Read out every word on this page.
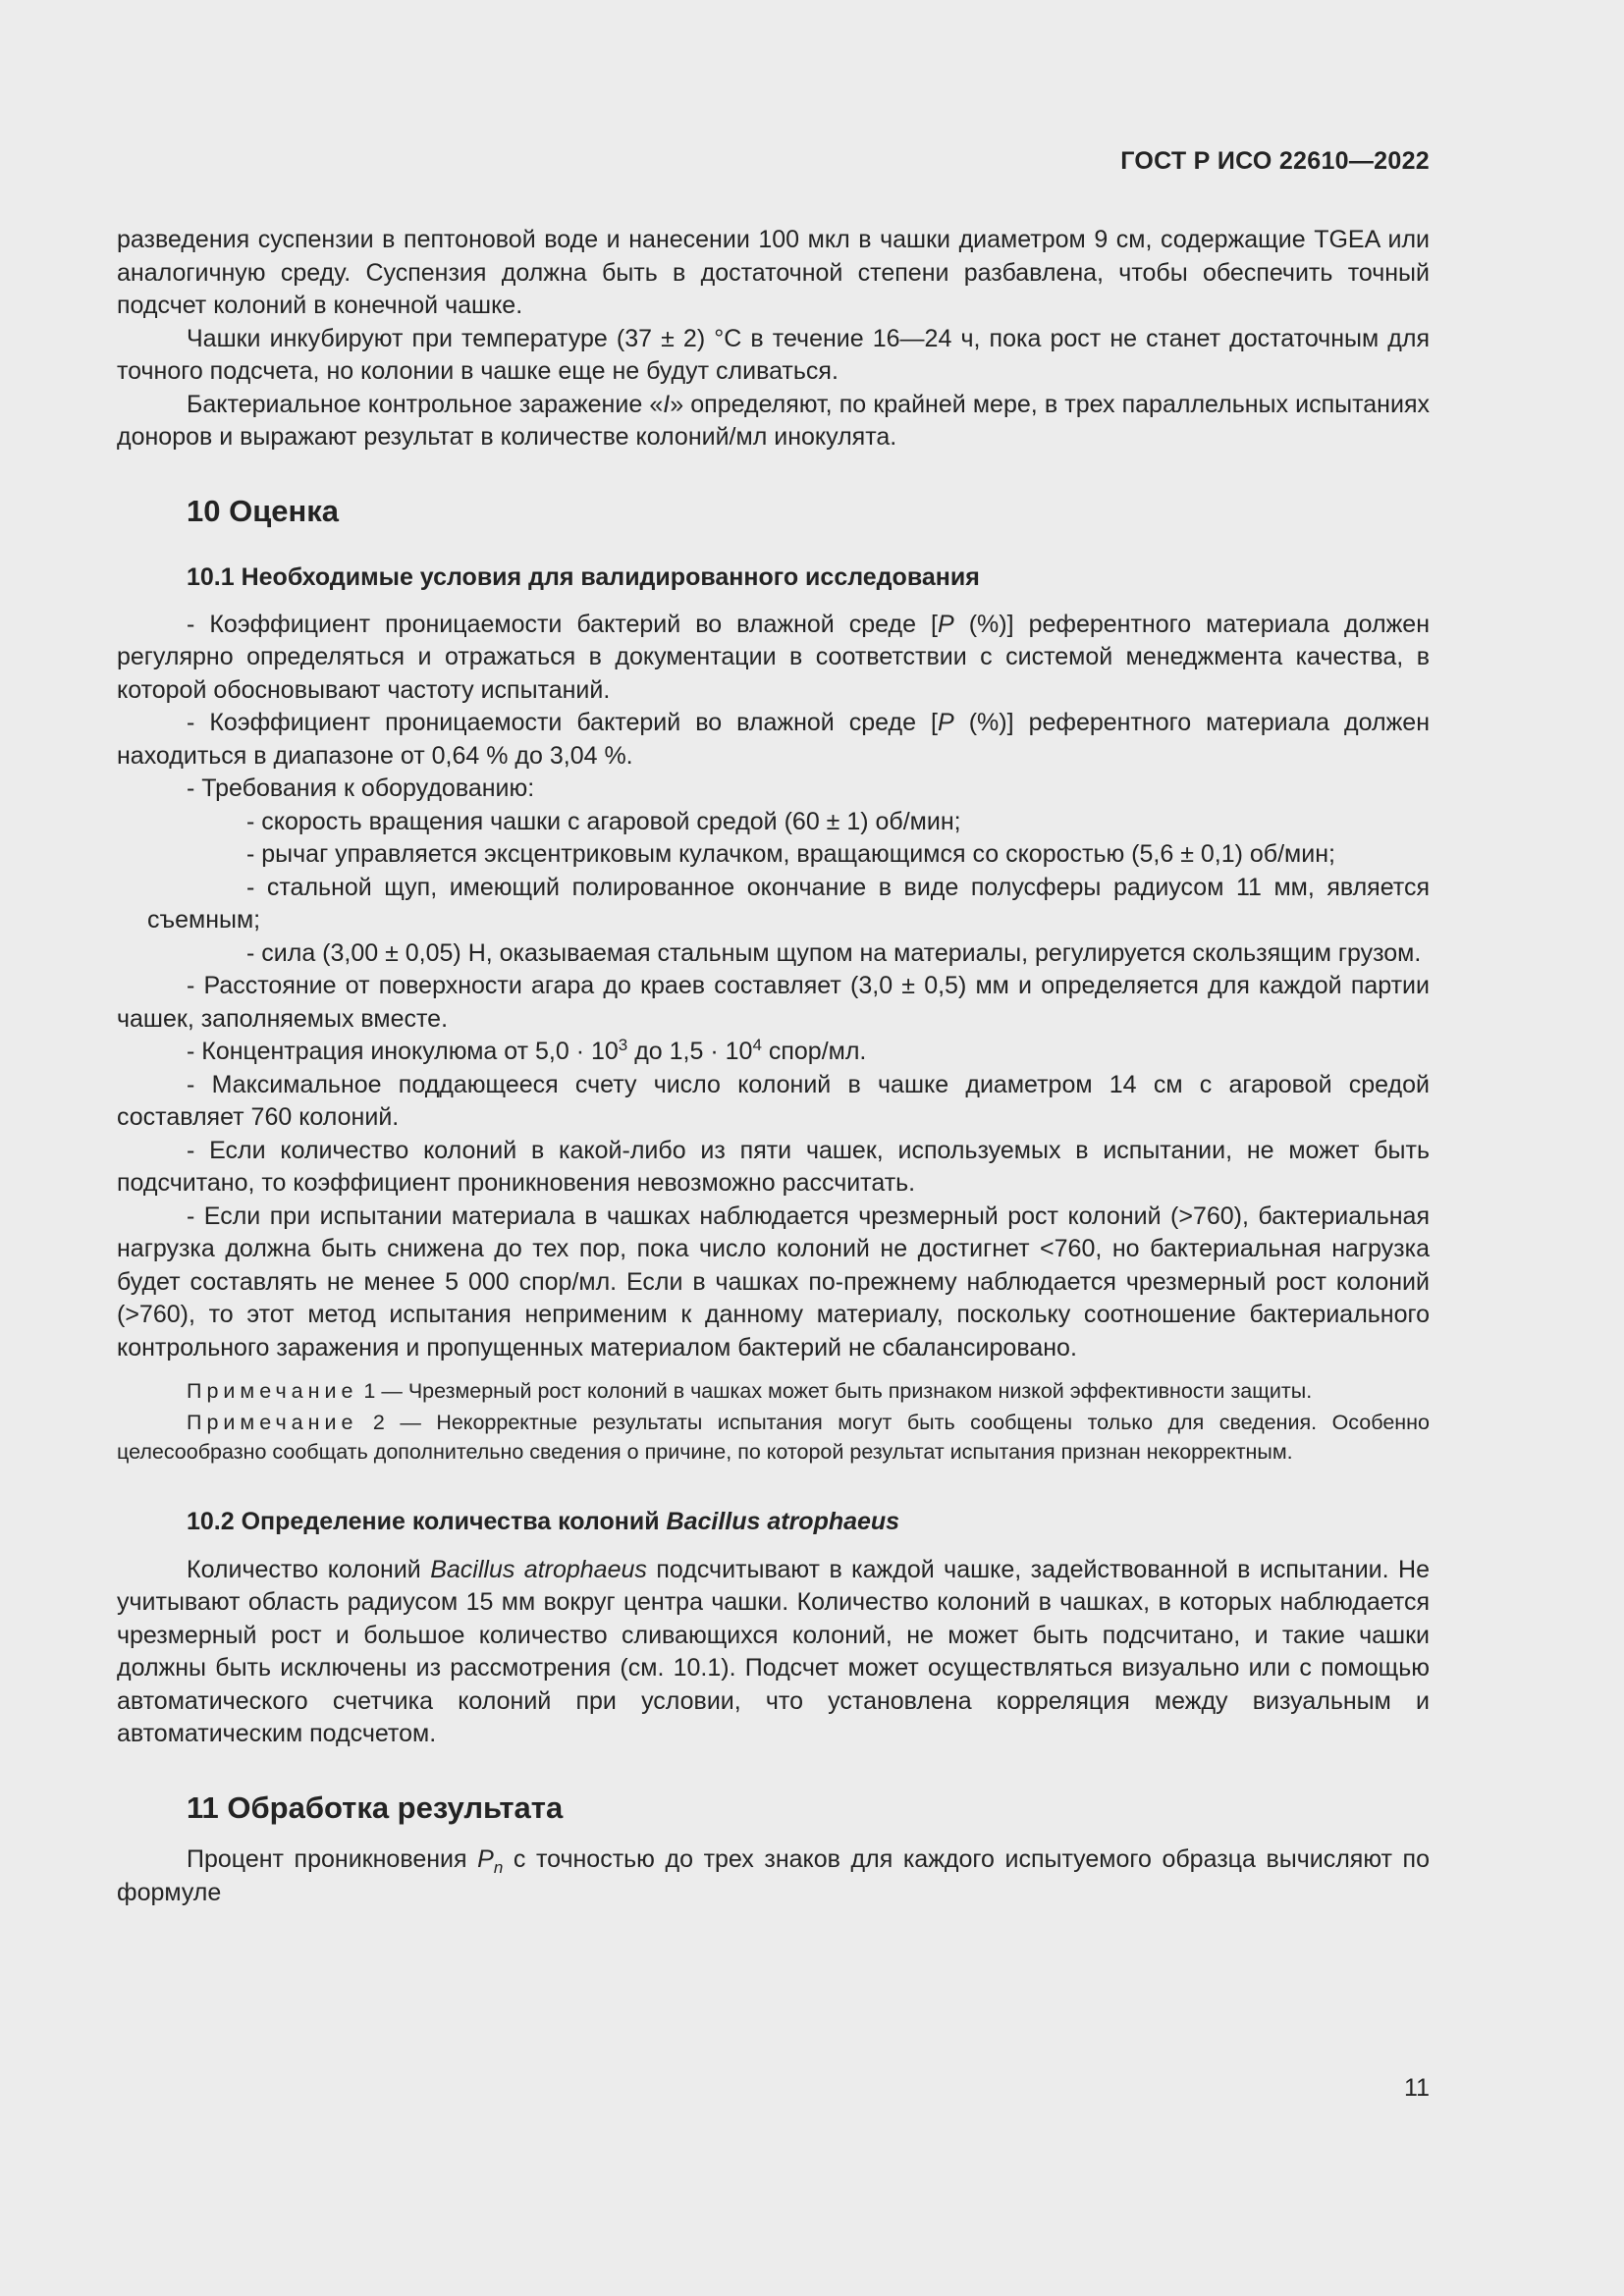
ГОСТ Р ИСО 22610—2022

разведения суспензии в пептоновой воде и нанесении 100 мкл в чашки диаметром 9 см, содержащие TGEA или аналогичную среду. Суспензия должна быть в достаточной степени разбавлена, чтобы обеспечить точный подсчет колоний в конечной чашке.

Чашки инкубируют при температуре (37 ± 2) °С в течение 16—24 ч, пока рост не станет достаточным для точного подсчета, но колонии в чашке еще не будут сливаться.

Бактериальное контрольное заражение «I» определяют, по крайней мере, в трех параллельных испытаниях доноров и выражают результат в количестве колоний/мл инокулята.

10 Оценка
10.1 Необходимые условия для валидированного исследования

- Коэффициент проницаемости бактерий во влажной среде [P (%)] референтного материала должен регулярно определяться и отражаться в документации в соответствии с системой менеджмента качества, в которой обосновывают частоту испытаний.

- Коэффициент проницаемости бактерий во влажной среде [P (%)] референтного материала должен находиться в диапазоне от 0,64 % до 3,04 %.

- Требования к оборудованию:

- скорость вращения чашки с агаровой средой (60 ± 1) об/мин;

- рычаг управляется эксцентриковым кулачком, вращающимся со скоростью (5,6 ± 0,1) об/мин;

- стальной щуп, имеющий полированное окончание в виде полусферы радиусом 11 мм, является съемным;

- сила (3,00 ± 0,05) Н, оказываемая стальным щупом на материалы, регулируется скользящим грузом.

- Расстояние от поверхности агара до краев составляет (3,0 ± 0,5) мм и определяется для каждой партии чашек, заполняемых вместе.

- Концентрация инокулюма от $5,0 \cdot 10^3$ до $1,5 \cdot 10^4$ спор/мл.

- Максимальное поддающееся счету число колоний в чашке диаметром 14 см с агаровой средой составляет 760 колоний.

- Если количество колоний в какой-либо из пяти чашек, используемых в испытании, не может быть подсчитано, то коэффициент проникновения невозможно рассчитать.

- Если при испытании материала в чашках наблюдается чрезмерный рост колоний (>760), бактериальная нагрузка должна быть снижена до тех пор, пока число колоний не достигнет <760, но бактериальная нагрузка будет составлять не менее 5 000 спор/мл. Если в чашках по-прежнему наблюдается чрезмерный рост колоний (>760), то этот метод испытания неприменим к данному материалу, поскольку соотношение бактериального контрольного заражения и пропущенных материалом бактерий не сбалансировано.

Примечание 1 — Чрезмерный рост колоний в чашках может быть признаком низкой эффективности защиты.

Примечание 2 — Некорректные результаты испытания могут быть сообщены только для сведения. Особенно целесообразно сообщать дополнительно сведения о причине, по которой результат испытания признан некорректным.

10.2 Определение количества колоний Bacillus atrophaeus

Количество колоний Bacillus atrophaeus подсчитывают в каждой чашке, задействованной в испытании. Не учитывают область радиусом 15 мм вокруг центра чашки. Количество колоний в чашках, в которых наблюдается чрезмерный рост и большое количество сливающихся колоний, не может быть подсчитано, и такие чашки должны быть исключены из рассмотрения (см. 10.1). Подсчет может осуществляться визуально или с помощью автоматического счетчика колоний при условии, что установлена корреляция между визуальным и автоматическим подсчетом.

11 Обработка результата

Процент проникновения $P_n$ с точностью до трех знаков для каждого испытуемого образца вычисляют по формуле

11
